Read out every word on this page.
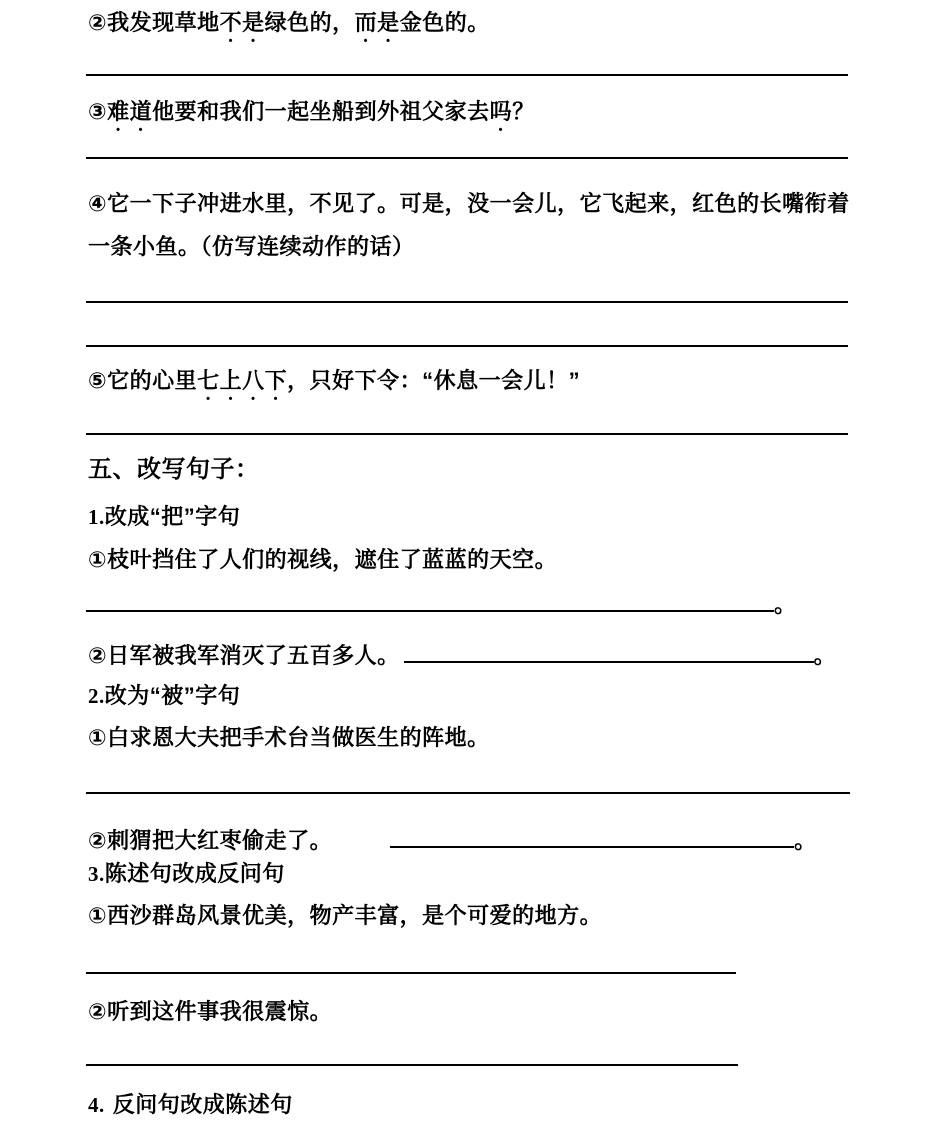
②我发现草地不是绿色的，而是金色的。
③难道他要和我们一起坐船到外祖父家去吗？
④它一下子冲进水里，不见了。可是，没一会儿，它飞起来，红色的长嘴衔着一条小鱼。（仿写连续动作的话）
⑤它的心里七上八下，只好下令：“休息一会儿！”
五、改写句子：
1.改成“把”字句
①枝叶挡住了人们的视线，遮住了蓝蓝的天空。
。
②日军被我军消灭了五百多人。	。
2.改为“被”字句
①白求恩大夫把手术台当做医生的阵地。
②刺猬把大红枣偷走了。	。
3.陈述句改成反问句
①西沙群岛风景优美，物产丰富，是个可爱的地方。
②听到这件事我很震惊。
4. 反问句改成陈述句
